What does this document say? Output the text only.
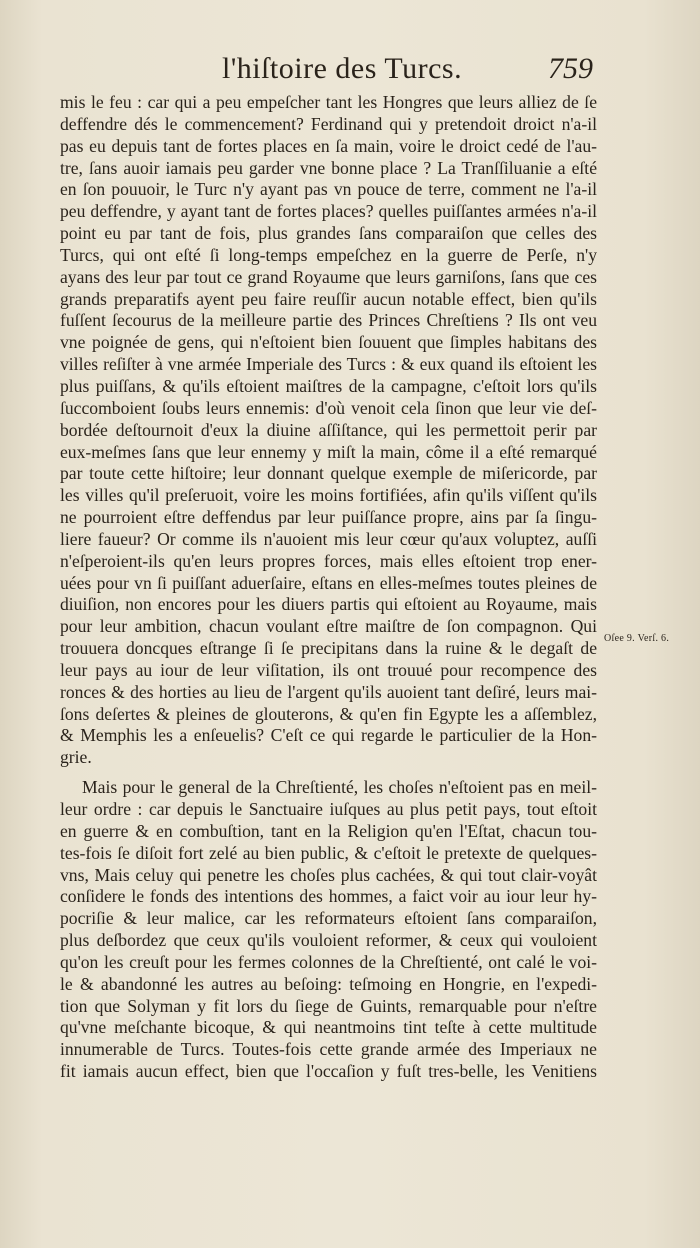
l'hiſtoire des Turcs.	759
mis le feu : car qui a peu empeſcher tant les Hongres que leurs alliez de ſe
deffendre dés le commencement? Ferdinand qui y pretendoit droict n'a-il
pas eu depuis tant de fortes places en ſa main, voire le droict cedé de l'au-
tre, ſans auoir iamais peu garder vne bonne place ? La Tranſſiluanie a eſté
en ſon pouuoir, le Turc n'y ayant pas vn pouce de terre, comment ne l'a-il
peu deffendre, y ayant tant de fortes places? quelles puiſſantes armées n'a-il
point eu par tant de fois, plus grandes ſans comparaiſon que celles des
Turcs, qui ont eſté ſi long-temps empeſchez en la guerre de Perſe, n'y
ayans des leur par tout ce grand Royaume que leurs garniſons, ſans que ces
grands preparatifs ayent peu faire reuſſir aucun notable effect, bien qu'ils
fuſſent ſecourus de la meilleure partie des Princes Chreſtiens ? Ils ont veu
vne poignée de gens, qui n'eſtoient bien ſouuent que ſimples habitans des
villes reſiſter à vne armée Imperiale des Turcs : & eux quand ils eſtoient les
plus puiſſans, & qu'ils eſtoient maiſtres de la campagne, c'eſtoit lors qu'ils
ſuccomboient ſoubs leurs ennemis: d'où venoit cela ſinon que leur vie deſ-
bordée deſtournoit d'eux la diuine aſſiſtance, qui les permettoit perir par
eux-meſmes ſans que leur ennemy y miſt la main, côme il a eſté remarqué
par toute cette hiſtoire; leur donnant quelque exemple de miſericorde, par
les villes qu'il preſeruoit, voire les moins fortifiées, afin qu'ils viſſent qu'ils
ne pourroient eſtre deffendus par leur puiſſance propre, ains par ſa ſingu-
liere faueur? Or comme ils n'auoient mis leur cœur qu'aux voluptez, auſſi
n'eſperoient-ils qu'en leurs propres forces, mais elles eſtoient trop ener-
uées pour vn ſi puiſſant aduerſaire, eſtans en elles-meſmes toutes pleines de
diuiſion, non encores pour les diuers partis qui eſtoient au Royaume, mais
pour leur ambition, chacun voulant eſtre maiſtre de ſon compagnon. Qui
trouuera doncques eſtrange ſi ſe precipitans dans la ruine & le degaſt de
leur pays au iour de leur viſitation, ils ont trouué pour recompence des
ronces & des horties au lieu de l'argent qu'ils auoient tant deſiré, leurs mai-
ſons deſertes & pleines de glouterons, & qu'en fin Egypte les a aſſemblez,
& Memphis les a enſeuelis? C'eſt ce qui regarde le particulier de la Hon-
grie.
Mais pour le general de la Chreſtienté, les choſes n'eſtoient pas en meil-
leur ordre : car depuis le Sanctuaire iuſques au plus petit pays, tout eſtoit
en guerre & en combuſtion, tant en la Religion qu'en l'Eſtat, chacun tou-
tes-fois ſe diſoit fort zelé au bien public, & c'eſtoit le pretexte de quelques-
vns, Mais celuy qui penetre les choſes plus cachées, & qui tout clair-voyât
conſidere le fonds des intentions des hommes, a faict voir au iour leur hy-
pocriſie & leur malice, car les reformateurs eſtoient ſans comparaiſon,
plus deſbordez que ceux qu'ils vouloient reformer, & ceux qui vouloient
qu'on les creuſt pour les fermes colonnes de la Chreſtienté, ont calé le voi-
le & abandonné les autres au beſoing: teſmoing en Hongrie, en l'expedi-
tion que Solyman y fit lors du ſiege de Guints, remarquable pour n'eſtre
qu'vne meſchante bicoque, & qui neantmoins tint teſte à cette multitude
innumerable de Turcs. Toutes-fois cette grande armée des Imperiaux ne
fit iamais aucun effect, bien que l'occaſion y fuſt tres-belle, les Venitiens
Oſee 9. Verſ. 6.
